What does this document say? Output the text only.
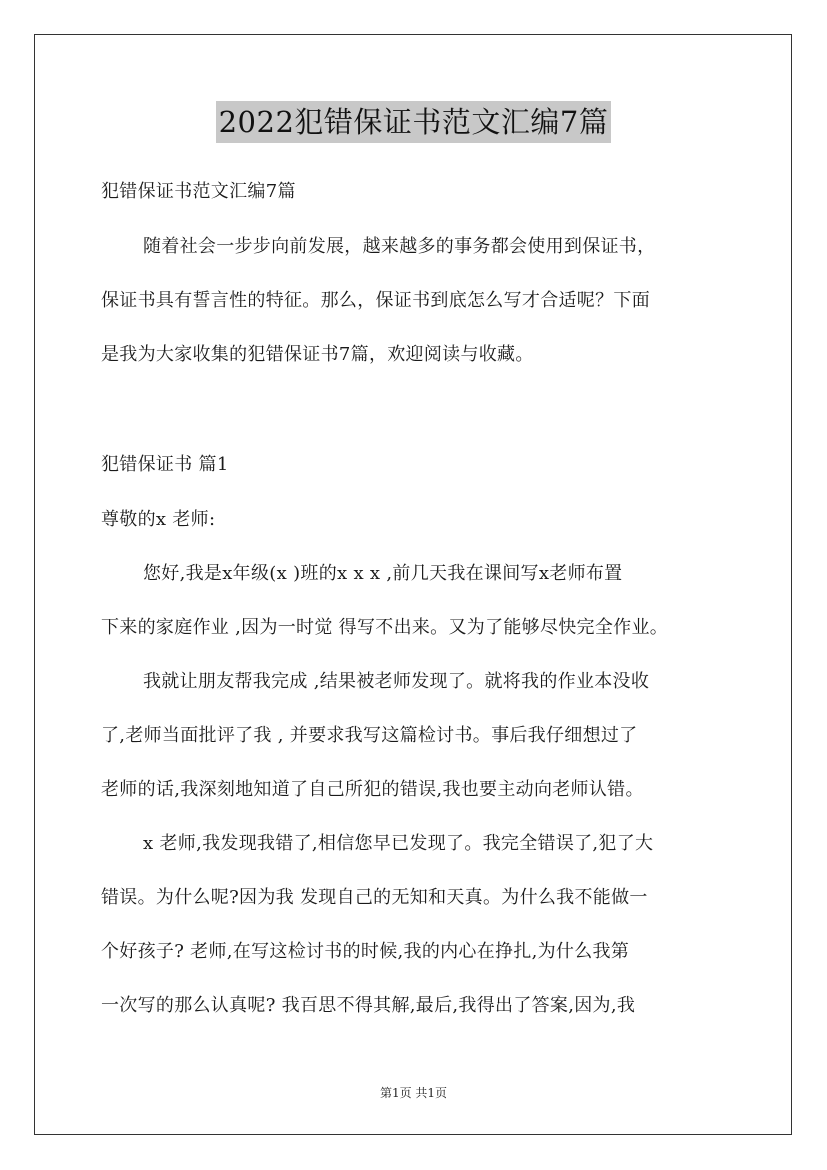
2022犯错保证书范文汇编7篇
犯错保证书范文汇编7篇
随着社会一步步向前发展，越来越多的事务都会使用到保证书，
保证书具有誓言性的特征。那么，保证书到底怎么写才合适呢？下面
是我为大家收集的犯错保证书7篇，欢迎阅读与收藏。
犯错保证书 篇1
尊敬的x 老师:
您好,我是x年级(x )班的x x x ,前几天我在课间写x老师布置
下来的家庭作业 ,因为一时觉 得写不出来。又为了能够尽快完全作业。
我就让朋友帮我完成 ,结果被老师发现了。就将我的作业本没收
了,老师当面批评了我 , 并要求我写这篇检讨书。事后我仔细想过了
老师的话,我深刻地知道了自己所犯的错误,我也要主动向老师认错。
x 老师,我发现我错了,相信您早已发现了。我完全错误了,犯了大
错误。为什么呢?因为我 发现自己的无知和天真。为什么我不能做一
个好孩子? 老师,在写这检讨书的时候,我的内心在挣扎,为什么我第
一次写的那么认真呢? 我百思不得其解,最后,我得出了答案,因为,我
第1页 共1页
